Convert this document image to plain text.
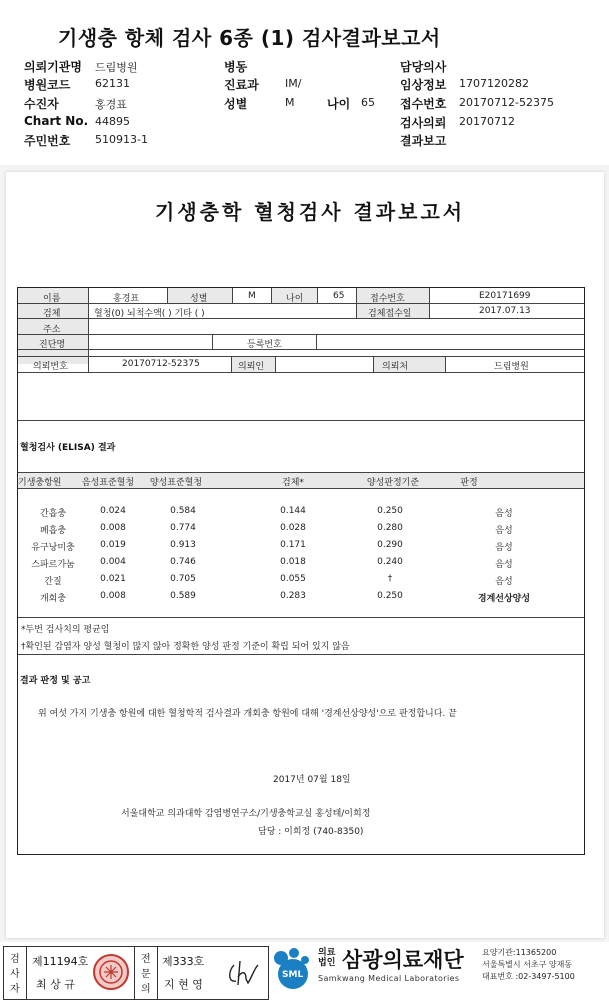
기생충 항체 검사 6종 (1) 검사결과보고서
의뢰기관명 드림병원
병원코드 62131
수진자	홍경표
Chart No. 44895
주민번호 510913-1
병동
진료과 IM/
성별	M	나이 65
담당의사
임상정보 1707120282
접수번호 20170712-52375
검사의뢰 20170712
결과보고
기생충학 혈청검사 결과보고서
이름	홍경표	성별	M	나이	65	접수번호	E20171699
검체	혈청(0) 뇌척수액( ) 기타 ( )	검체접수일	2017.07.13
주소
진단명	등록번호
의뢰번호	20170712-52375	의뢰인	의뢰처	드림병원
혈청검사 (ELISA) 결과
기생충항원	음성표준혈청	양성표준혈청	검체*	양성판정기준	판정
간흡충	0.024	0.584	0.144	0.250	음성
폐흡충	0.008	0.774	0.028	0.280	음성
유구낭미충	0.019	0.913	0.171	0.290	음성
스파르가눔	0.004	0.746	0.018	0.240	음성
간질	0.021	0.705	0.055	†	음성
개회충	0.008	0.589	0.283	0.250	경계선상양성
*두번 검사치의 평균임
†확인된 감염자 양성 혈청이 많지 않아 정확한 양성 판정 기준이 확립 되어 있지 않음
결과 판정 및 공고
위 여섯 가지 기생충 항원에 대한 혈청학적 검사결과 개회충 항원에 대해 '경계선상양성'으로 판정합니다. 끝
2017년 07월 18일
서울대학교 의과대학 감염병연구소/기생충학교실 홍성태/이희정
담당 : 이희정 (740-8350)
검
사
자
제11194호
최 상 규
전
문
의
제333호
지 현 영
SML
의료
법인 삼광의료재단
Samkwang Medical Laboratories
요양기관:11365200
서울특별시 서초구 양재동
대표번호 :02-3497-5100
